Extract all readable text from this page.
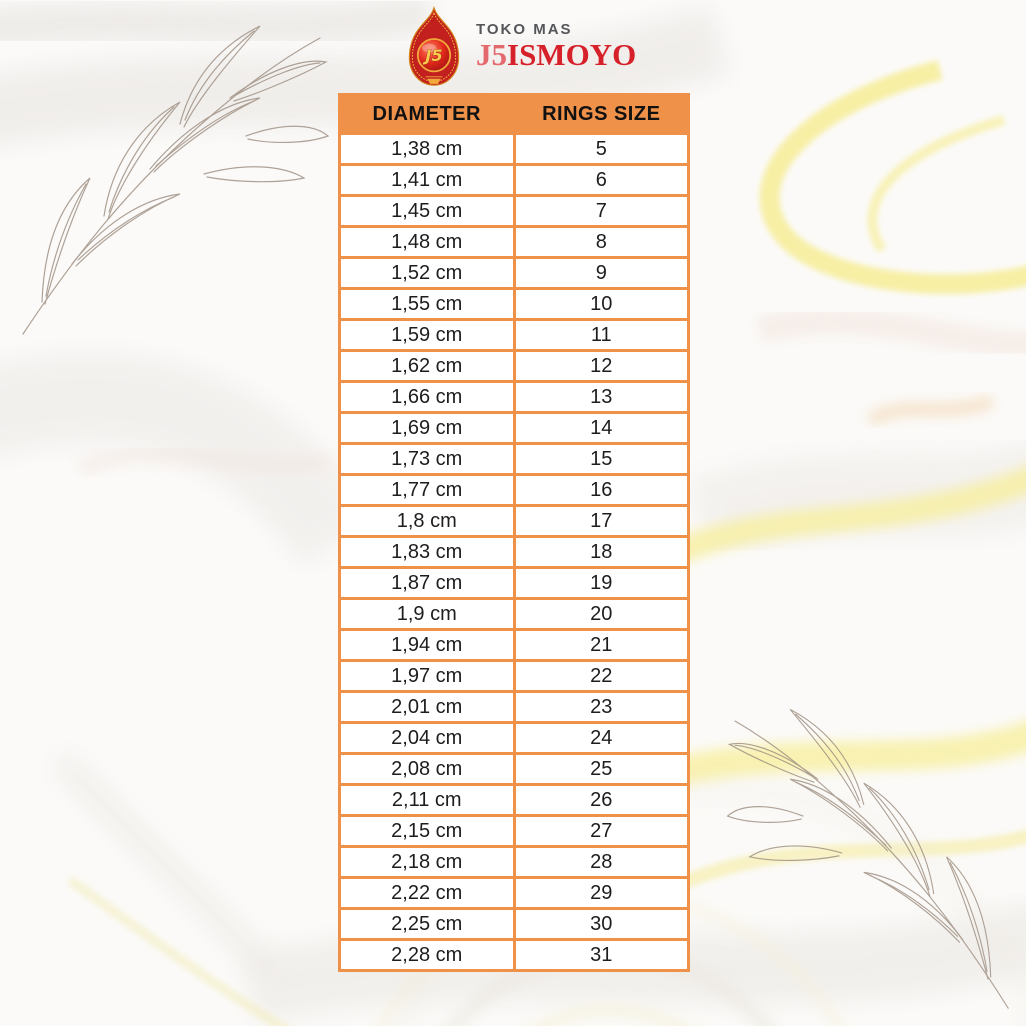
J5
TOKO MAS
J5ISMOYO
DIAMETER	RINGS SIZE
1,38 cm	5
1,41 cm	6
1,45 cm	7
1,48 cm	8
1,52 cm	9
1,55 cm	10
1,59 cm	11
1,62 cm	12
1,66 cm	13
1,69 cm	14
1,73 cm	15
1,77 cm	16
1,8 cm	17
1,83 cm	18
1,87 cm	19
1,9 cm	20
1,94 cm	21
1,97 cm	22
2,01 cm	23
2,04 cm	24
2,08 cm	25
2,11 cm	26
2,15 cm	27
2,18 cm	28
2,22 cm	29
2,25 cm	30
2,28 cm	31
